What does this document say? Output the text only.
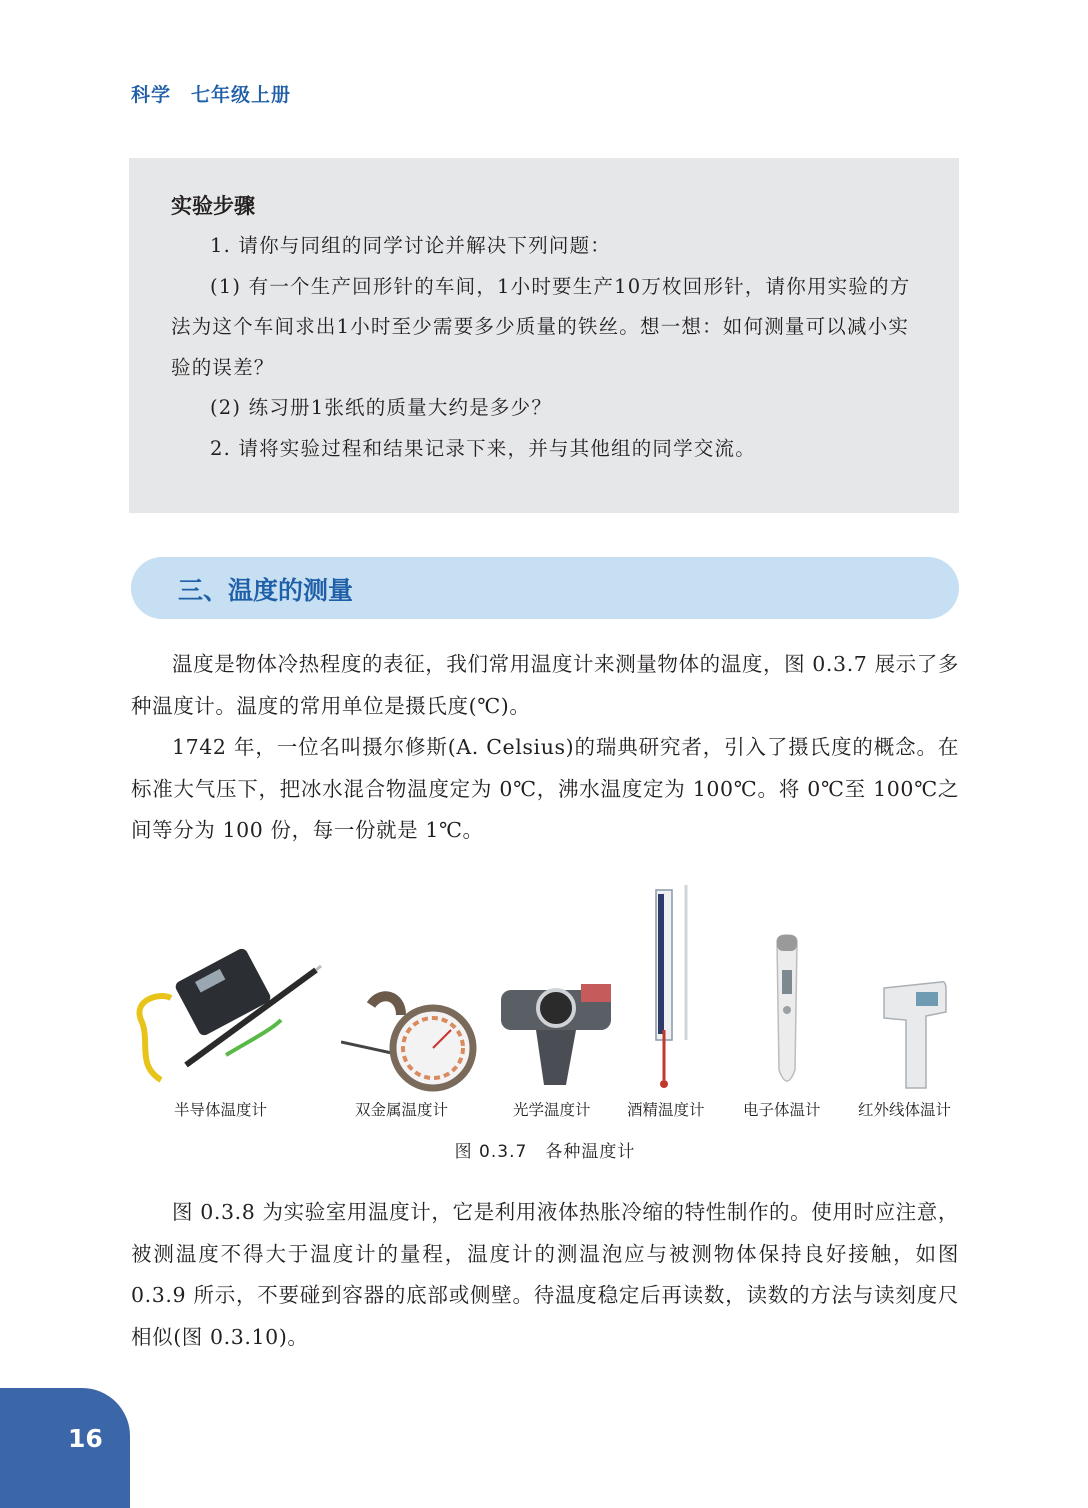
科学 七年级上册
实验步骤

1. 请你与同组的同学讨论并解决下列问题：

(1) 有一个生产回形针的车间，1小时要生产10万枚回形针，请你用实验的方法为这个车间求出1小时至少需要多少质量的铁丝。想一想：如何测量可以减小实验的误差？

(2) 练习册1张纸的质量大约是多少？

2. 请将实验过程和结果记录下来，并与其他组的同学交流。

三、温度的测量

温度是物体冷热程度的表征，我们常用温度计来测量物体的温度，图 0.3.7 展示了多种温度计。温度的常用单位是摄氏度(℃)。

1742 年，一位名叫摄尔修斯(A. Celsius)的瑞典研究者，引入了摄氏度的概念。在标准大气压下，把冰水混合物温度定为 0℃，沸水温度定为 100℃。将 0℃至 100℃之间等分为 100 份，每一份就是 1℃。

半导体温度计	双金属温度计	光学温度计 酒精温度计 电子体温计 红外线体温计
图 0.3.7　各种温度计

图 0.3.8 为实验室用温度计，它是利用液体热胀冷缩的特性制作的。使用时应注意，被测温度不得大于温度计的量程，温度计的测温泡应与被测物体保持良好接触，如图 0.3.9 所示，不要碰到容器的底部或侧壁。待温度稳定后再读数，读数的方法与读刻度尺相似(图 0.3.10)。

16
